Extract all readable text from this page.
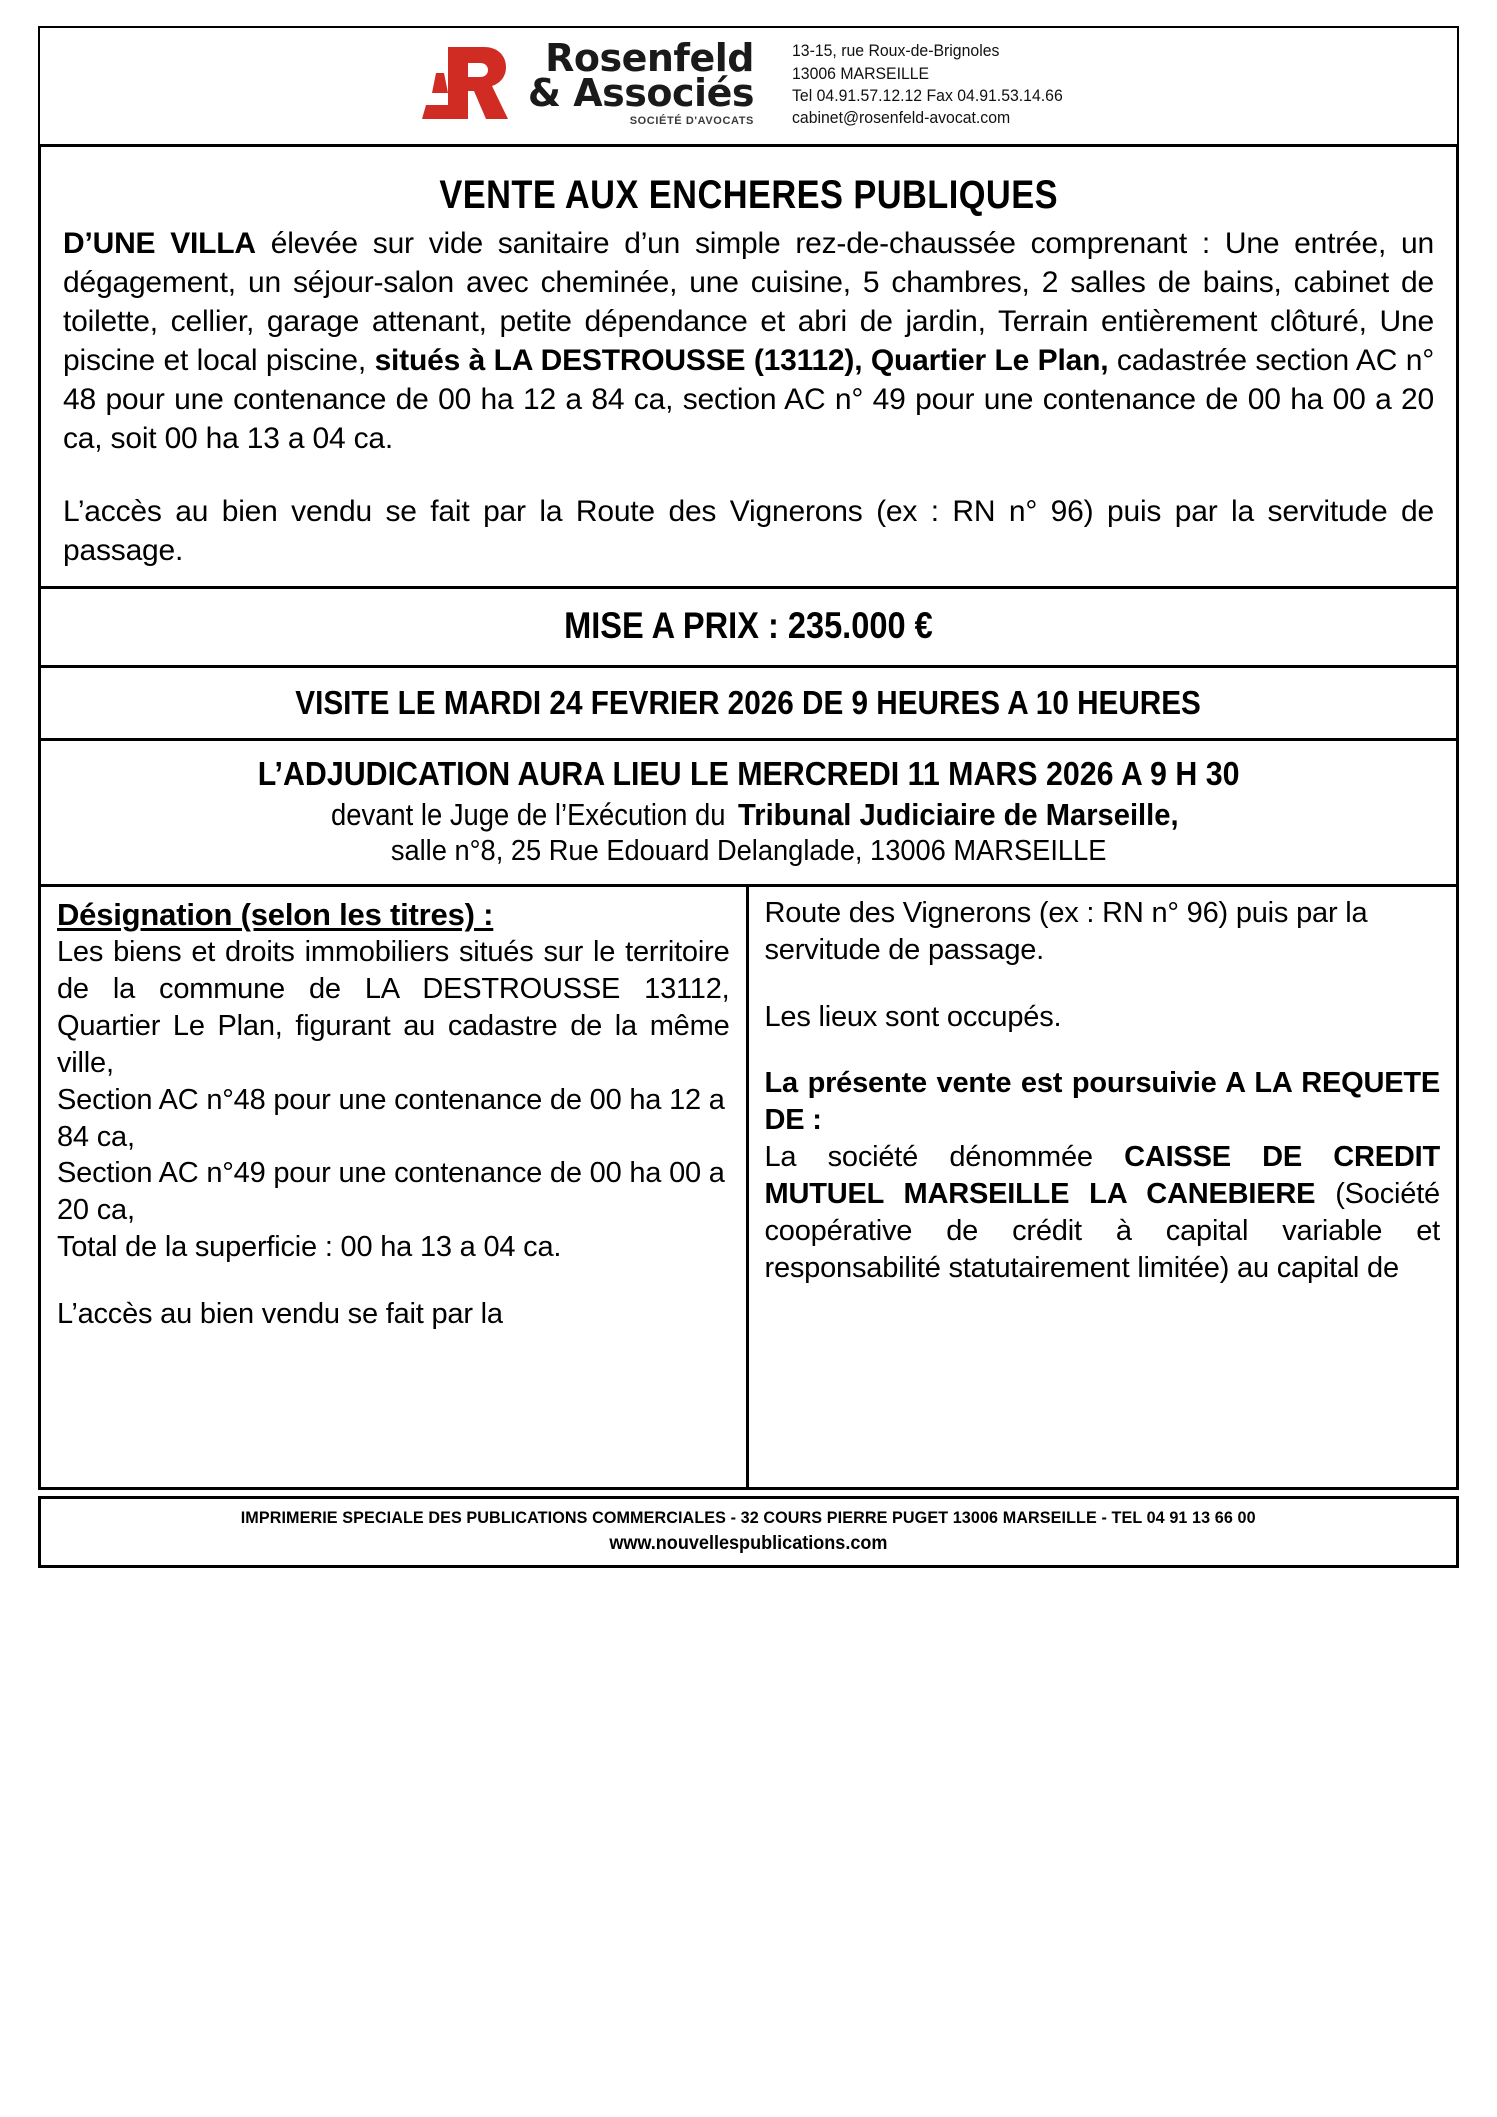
Rosenfeld
& Associés
SOCIÉTÉ D'AVOCATS
13-15, rue Roux-de-Brignoles
13006 MARSEILLE
Tel 04.91.57.12.12 Fax 04.91.53.14.66
cabinet@rosenfeld-avocat.com
VENTE AUX ENCHERES PUBLIQUES

D’UNE VILLA élevée sur vide sanitaire d’un simple rez-de-chaussée comprenant : Une entrée, un dégagement, un séjour-salon avec cheminée, une cuisine, 5 chambres, 2 salles de bains, cabinet de toilette, cellier, garage attenant, petite dépendance et abri de jardin, Terrain entièrement clôturé, Une piscine et local piscine, situés à LA DESTROUSSE (13112), Quartier Le Plan, cadastrée section AC n° 48 pour une contenance de 00 ha 12 a 84 ca, section AC n° 49 pour une contenance de 00 ha 00 a 20 ca, soit 00 ha 13 a 04 ca.

L’accès au bien vendu se fait par la Route des Vignerons (ex : RN n° 96) puis par la servitude de passage.

MISE A PRIX : 235.000 €
VISITE LE MARDI 24 FEVRIER 2026 DE 9 HEURES A 10 HEURES
L’ADJUDICATION AURA LIEU LE MERCREDI 11 MARS 2026 A 9 H 30
devant le Juge de l’Exécution duTribunal Judiciaire de Marseille,
salle n°8, 25 Rue Edouard Delanglade, 13006 MARSEILLE

Désignation (selon les titres) :

Les biens et droits immobiliers situés sur le territoire de la commune de LA DESTROUSSE 13112, Quartier Le Plan, figurant au cadastre de la même ville,

Section AC n°48 pour une contenance de 00 ha 12 a 84 ca,

Section AC n°49 pour une contenance de 00 ha 00 a 20 ca,

Total de la superficie : 00 ha 13 a 04 ca.

L’accès au bien vendu se fait par la

Route des Vignerons (ex : RN n° 96) puis par la servitude de passage.

Les lieux sont occupés.

La présente vente est poursuivie A LA REQUETE DE :
La société dénommée CAISSE DE CREDIT MUTUEL MARSEILLE LA CANEBIERE (Société coopérative de crédit à capital variable et responsabilité statutairement limitée) au capital de

IMPRIMERIE SPECIALE DES PUBLICATIONS COMMERCIALES - 32 COURS PIERRE PUGET 13006 MARSEILLE - TEL 04 91 13 66 00
www.nouvellespublications.com
